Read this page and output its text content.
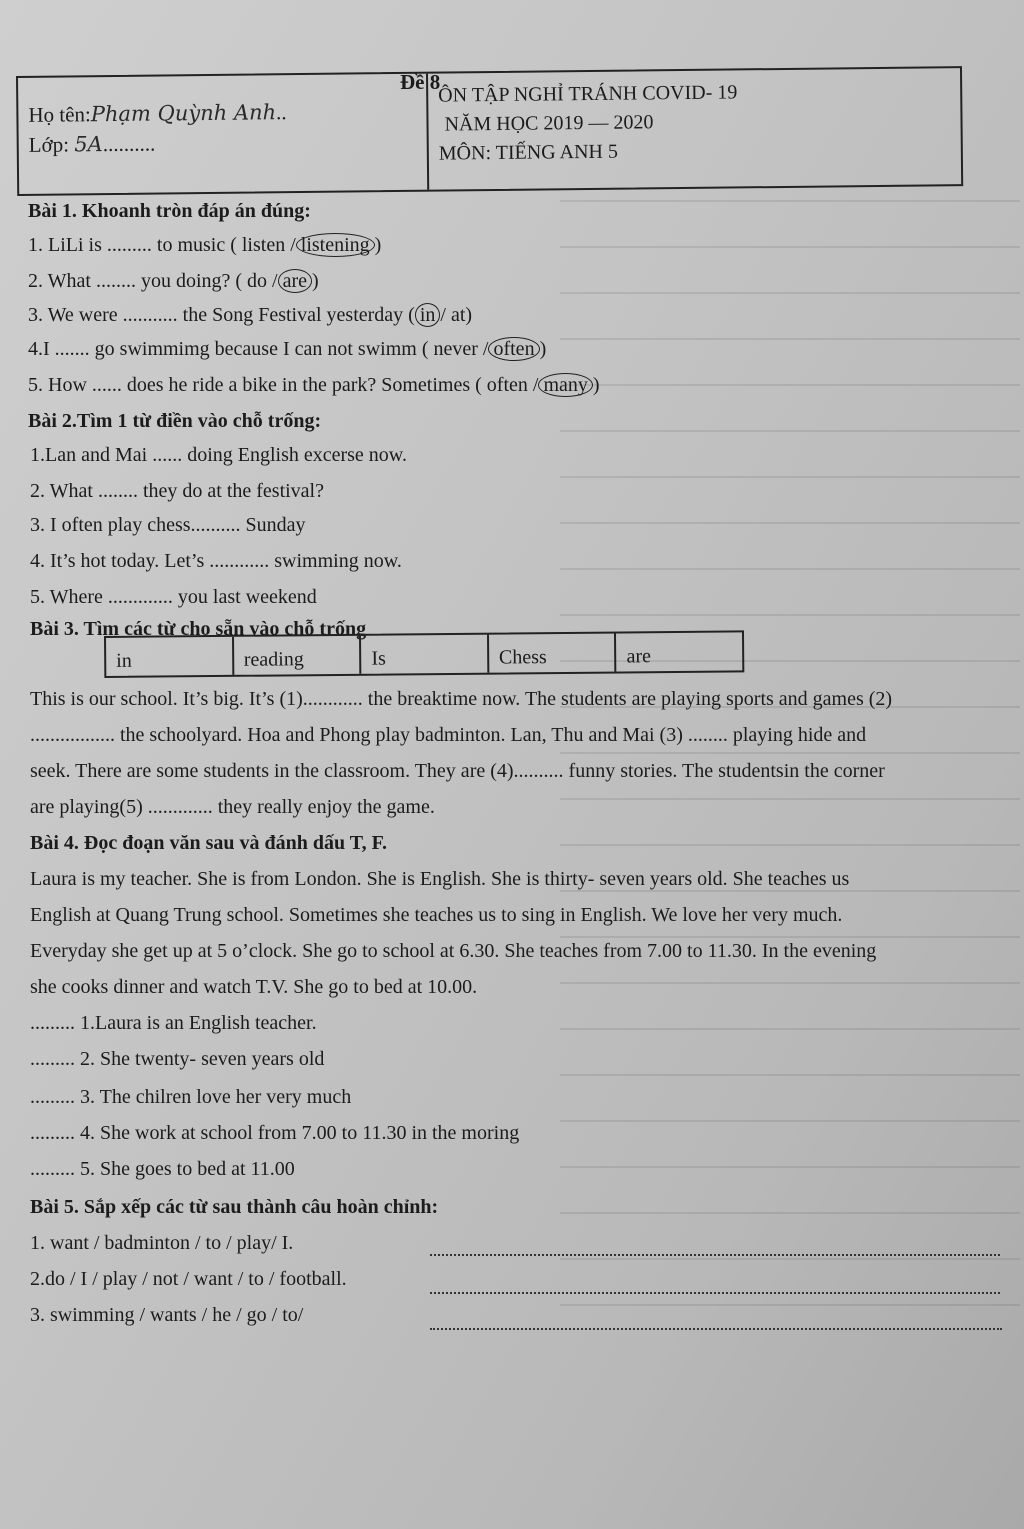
Đề 8
Họ tên:Phạm Quỳnh Anh..
Lớp: 5A..........
ÔN TẬP NGHỈ TRÁNH COVID- 19
NĂM HỌC 2019 — 2020
MÔN: TIẾNG ANH 5
Bài 1. Khoanh tròn đáp án đúng:
1. LiLi is ......... to music ( listen / listening )
2. What ........ you doing? ( do / are )
3. We were ........... the Song Festival yesterday ( in / at)
4.I ....... go swimmimg because I can not swimm ( never / often )
5. How ...... does he ride a bike in the park? Sometimes ( often / many )
Bài 2.Tìm 1 từ điền vào chỗ trống:
1.Lan and Mai ...... doing English excerse now.
2. What ........ they do at the festival?
3. I often play chess.......... Sunday
4. It’s hot today. Let’s ............ swimming now.
5. Where ............. you last weekend
Bài 3. Tìm các từ cho sẵn vào chỗ trống
in	reading	Is	Chess	are
This is our school. It’s big. It’s (1)............ the breaktime now. The students are playing sports and games (2)
................. the schoolyard. Hoa and Phong play badminton. Lan, Thu and Mai (3) ........ playing hide and
seek. There are some students in the classroom. They are (4).......... funny stories. The studentsin the corner
are playing(5) ............. they really enjoy the game.
Bài 4. Đọc đoạn văn sau và đánh dấu T, F.
Laura is my teacher. She is from London. She is English. She is thirty- seven years old. She teaches us
English at Quang Trung school. Sometimes she teaches us to sing in English. We love her very much.
Everyday she get up at 5 o’clock. She go to school at 6.30. She teaches from 7.00 to 11.30. In the evening
she cooks dinner and watch T.V. She go to bed at 10.00.
......... 1.Laura is an English teacher.
......... 2. She twenty- seven years old
......... 3. The chilren love her very much
......... 4. She work at school from 7.00 to 11.30 in the moring
......... 5. She goes to bed at 11.00
Bài 5. Sắp xếp các từ sau thành câu hoàn chỉnh:
1. want / badminton / to / play/ I.
2.do / I / play / not / want / to / football.
3. swimming / wants / he / go / to/
